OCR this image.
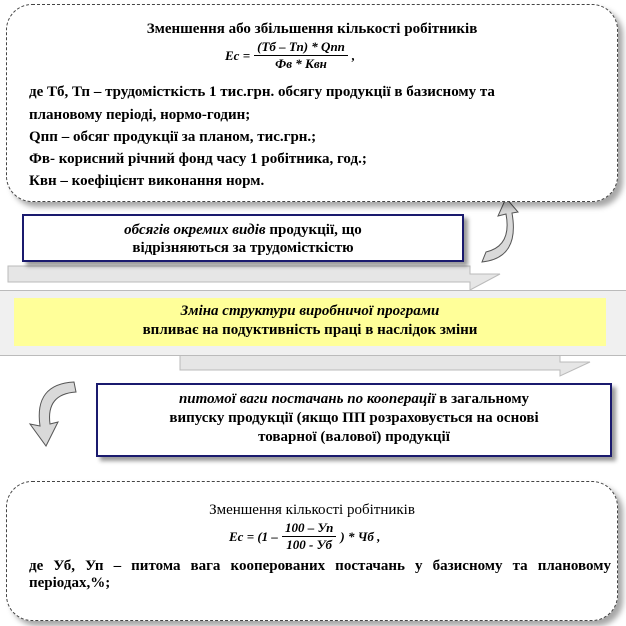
Зменшення або збільшення кількості робітників
Ес = $\frac{\text{(Тб – Тп) * Qпп}}{\text{Фв * Квн}}$ ,
де Тб, Тп – трудомісткість 1 тис.грн. обсягу продукції в базисному та
плановому періоді, нормо-годин;
Qпп – обсяг продукції за планом, тис.грн.;
Фв- корисний річний фонд часу 1 робітника, год.;
Квн – коефіцієнт виконання норм.
обсягів окремих видів продукції, що
відрізняються за трудомісткістю
Зміна структури виробничої програми
впливає на подуктивність праці в наслідок зміни
питомої ваги постачань по кооперації в загальному
випуску продукції (якщо ПП розраховується на основі
товарної (валової) продукції
Зменшення кількості робітників
Ес = ($1 - \frac{100 - Уп}{100 - Уб}$ ) * Чб ,
де Уб, Уп – питома вага кооперованих постачань у базисному та плановому періодах,%;
